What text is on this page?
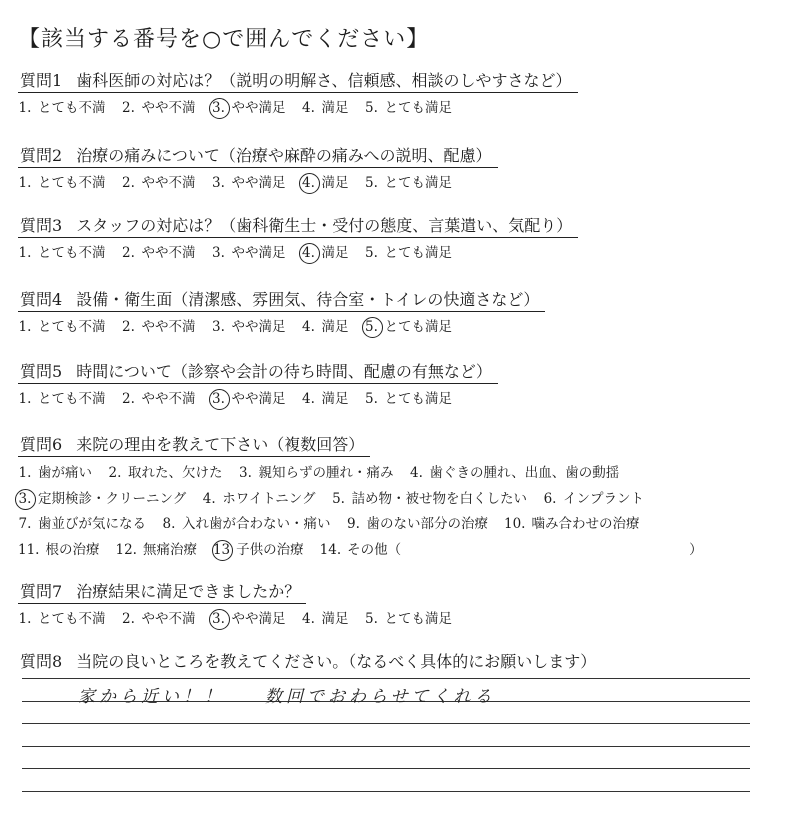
【該当する番号を○で囲んでください】
質問1 歯科医師の対応は？（説明の明解さ、信頼感、相談のしやすさなど）
1. とても不満 2. やや不満 3. やや満足 4. 満足 5. とても満足
質問2 治療の痛みについて（治療や麻酔の痛みへの説明、配慮）
1. とても不満 2. やや不満 3. やや満足 4. 満足 5. とても満足
質問3 スタッフの対応は？（歯科衛生士・受付の態度、言葉遣い、気配り）
1. とても不満 2. やや不満 3. やや満足 4. 満足 5. とても満足
質問4 設備・衛生面（清潔感、雰囲気、待合室・トイレの快適さなど）
1. とても不満 2. やや不満 3. やや満足 4. 満足 5. とても満足
質問5 時間について（診察や会計の待ち時間、配慮の有無など）
1. とても不満 2. やや不満 3. やや満足 4. 満足 5. とても満足
質問6 来院の理由を教えて下さい（複数回答）
1. 歯が痛い 2. 取れた、欠けた 3. 親知らずの腫れ・痛み 4. 歯ぐきの腫れ、出血、歯の動揺
3. 定期検診・クリーニング 4. ホワイトニング 5. 詰め物・被せ物を白くしたい 6. インプラント
7. 歯並びが気になる 8. 入れ歯が合わない・痛い 9. 歯のない部分の治療 10. 噛み合わせの治療
11. 根の治療 12. 無痛治療 13 子供の治療 14. その他（	）
質問7 治療結果に満足できましたか？
1. とても不満 2. やや不満 3. やや満足 4. 満足 5. とても満足
質問8 当院の良いところを教えてください。（なるべく具体的にお願いします）
家から近い！！ 数回でおわらせてくれる
